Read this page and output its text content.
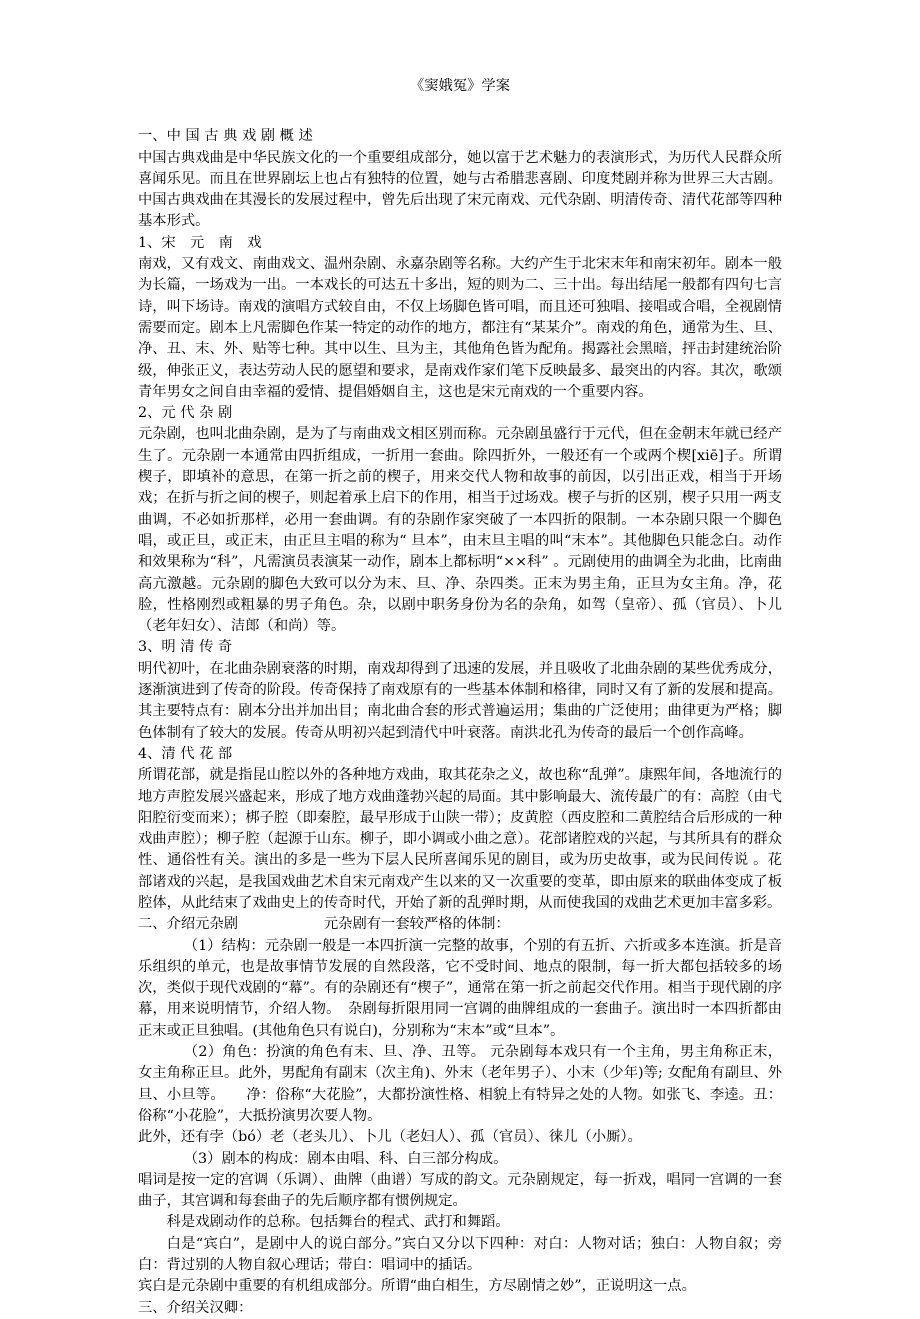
《窦娥冤》学案
一、中 国 古 典 戏 剧 概 述
中国古典戏曲是中华民族文化的一个重要组成部分，她以富于艺术魅力的表演形式，为历代人民群众所喜闻乐见。而且在世界剧坛上也占有独特的位置，她与古希腊悲喜剧、印度梵剧并称为世界三大古剧。中国古典戏曲在其漫长的发展过程中，曾先后出现了宋元南戏、元代杂剧、明清传奇、清代花部等四种基本形式。
1、宋　元　南　戏
南戏，又有戏文、南曲戏文、温州杂剧、永嘉杂剧等名称。大约产生于北宋末年和南宋初年。剧本一般为长篇，一场戏为一出。一本戏长的可达五十多出，短的则为二、三十出。每出结尾一般都有四句七言诗，叫下场诗。南戏的演唱方式较自由，不仅上场脚色皆可唱，而且还可独唱、接唱或合唱，全视剧情需要而定。剧本上凡需脚色作某一特定的动作的地方，都注有“某某介”。南戏的角色，通常为生、旦、净、丑、末、外、贴等七种。其中以生、旦为主，其他角色皆为配角。揭露社会黑暗，抨击封建统治阶级，伸张正义，表达劳动人民的愿望和要求，是南戏作家们笔下反映最多、最突出的内容。其次，歌颂青年男女之间自由幸福的爱情、提倡婚姻自主，这也是宋元南戏的一个重要内容。
2、元 代 杂 剧
元杂剧，也叫北曲杂剧，是为了与南曲戏文相区别而称。元杂剧虽盛行于元代，但在金朝末年就已经产生了。元杂剧一本通常由四折组成，一折用一套曲。除四折外，一般还有一个或两个楔[xiē]子。所谓楔子，即填补的意思，在第一折之前的楔子，用来交代人物和故事的前因，以引出正戏，相当于开场戏；在折与折之间的楔子，则起着承上启下的作用，相当于过场戏。楔子与折的区别，楔子只用一两支曲调，不必如折那样，必用一套曲调。有的杂剧作家突破了一本四折的限制。一本杂剧只限一个脚色唱，或正旦，或正末，由正旦主唱的称为“ 旦本”，由末旦主唱的叫“末本”。其他脚色只能念白。动作和效果称为“科”，凡需演员表演某一动作，剧本上都标明“××科” 。元剧使用的曲调全为北曲，比南曲高亢激越。元杂剧的脚色大致可以分为末、旦、净、杂四类。正末为男主角，正旦为女主角。净，花脸，性格刚烈或粗暴的男子角色。杂，以剧中职务身份为名的杂角，如驾（皇帝）、孤（官员）、卜儿（老年妇女）、洁郎（和尚）等。
3、明 清 传 奇
明代初叶，在北曲杂剧衰落的时期，南戏却得到了迅速的发展，并且吸收了北曲杂剧的某些优秀成分，逐渐演进到了传奇的阶段。传奇保持了南戏原有的一些基本体制和格律，同时又有了新的发展和提高。其主要特点有：剧本分出并加出目；南北曲合套的形式普遍运用；集曲的广泛使用；曲律更为严格；脚色体制有了较大的发展。传奇从明初兴起到清代中叶衰落。南洪北孔为传奇的最后一个创作高峰。
4、清 代 花 部
所谓花部，就是指昆山腔以外的各种地方戏曲，取其花杂之义，故也称“乱弹”。康熙年间，各地流行的地方声腔发展兴盛起来，形成了地方戏曲蓬勃兴起的局面。其中影响最大、流传最广的有：高腔（由弋阳腔衍变而来）；梆子腔（即秦腔，最早形成于山陕一带）；皮黄腔（西皮腔和二黄腔结合后形成的一种戏曲声腔）；柳子腔（起源于山东。柳子，即小调或小曲之意）。花部诸腔戏的兴起，与其所具有的群众性、通俗性有关。演出的多是一些为下层人民所喜闻乐见的剧目，或为历史故事，或为民间传说 。花部诸戏的兴起，是我国戏曲艺术自宋元南戏产生以来的又一次重要的变革，即由原来的联曲体变成了板腔体，从此结束了戏曲史上的传奇时代，开始了新的乱弹时期，从而使我国的戏曲艺术更加丰富多彩。
二、介绍元杂剧	元杂剧有一套较严格的体制：
（1）结构：元杂剧一般是一本四折演一完整的故事，个别的有五折、六折或多本连演。折是音乐组织的单元，也是故事情节发展的自然段落，它不受时间、地点的限制，每一折大都包括较多的场次，类似于现代戏剧的“幕”。有的杂剧还有“楔子”，通常在第一折之前起交代作用。相当于现代剧的序幕，用来说明情节，介绍人物。　杂剧每折限用同一宫调的曲牌组成的一套曲子。演出时一本四折都由正末或正旦独唱。(其他角色只有说白)，分别称为“末本”或“旦本”。
（2）角色：扮演的角色有末、旦、净、丑等。 元杂剧每本戏只有一个主角，男主角称正末，女主角称正旦。此外，男配角有副末（次主角)、外末（老年男子）、小末（少年)等; 女配角有副旦、外旦、小旦等。　　净：俗称“大花脸”，大都扮演性格、相貌上有特异之处的人物。如张飞、李逵。丑：俗称“小花脸”，大抵扮演男次要人物。
此外，还有孛（bó）老（老头儿）、卜儿（老妇人）、孤（官员）、徕儿（小厮）。
（3）剧本的构成：剧本由唱、科、白三部分构成。
唱词是按一定的宫调（乐调）、曲牌（曲谱）写成的韵文。元杂剧规定，每一折戏，唱同一宫调的一套曲子，其宫调和每套曲子的先后顺序都有惯例规定。
科是戏剧动作的总称。包括舞台的程式、武打和舞蹈。
白是“宾白”，是剧中人的说白部分。”宾白又分以下四种：对白：人物对话；独白：人物自叙；旁白：背过别的人物自叙心理话；带白：唱词中的插话。
宾白是元杂剧中重要的有机组成部分。所谓“曲白相生，方尽剧情之妙”，正说明这一点。
三、介绍关汉卿：
